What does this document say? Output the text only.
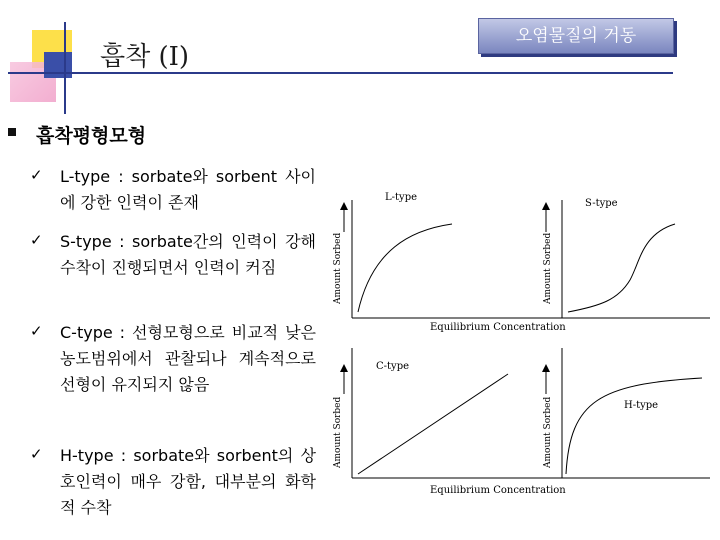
흡착 (I)
오염물질의 거동
흡착평형모형
✓ L-type : sorbate와 sorbent 사이에 강한 인력이 존재
✓ S-type : sorbate간의 인력이 강해 수착이 진행되면서 인력이 커짐
✓ C-type : 선형모형으로 비교적 낮은 농도범위에서 관찰되나 계속적으로 선형이 유지되지 않음
✓ H-type : sorbate와 sorbent의 상호인력이 매우 강함, 대부분의 화학적 수착
L-type
Amount Sorbed
S-type
Amount Sorbed
Equilibrium Concentration
C-type
Amount Sorbed	H-type
Amount Sorbed
Equilibrium Concentration
